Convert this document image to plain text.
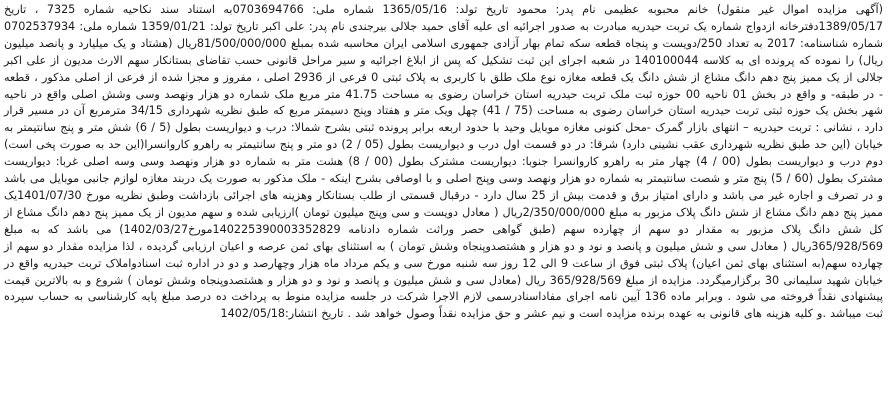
(آگهی مزایده اموال غیر منقول) خانم محبوبه عظیمی نام پدر: محمود تاریخ تولد: 1365/05/16 شماره ملی: 0703694766به استناد سند نکاحیه شماره 7325 ، تاریخ 1389/05/17دفترخانه ازدواج شماره یک تربت حیدریه مبادرت به صدور اجرائیه ای علیه آقای حمید جلالی بیرجندی نام پدر: علی اکبر تاریخ تولد: 1359/01/21 شماره ملی: 0702537934 شماره شناسنامه: 2017 به تعداد 250/دویست و پنجاه قطعه سکه تمام بهار آزادی جمهوری اسلامی ایران محاسبه شده بمبلغ 81/500/000/000ریال (هشتاد و یک میلیارد و پانصد میلیون ریال) را نموده که پرونده ای به کلاسه 140100044 در شعبه اجرای این ثبت تشکیل که پس از ابلاغ اجرائیه و سیر مراحل قانونی حسب تقاضای بستانکار سهم الارث مدیون از علی اکبر جلالی از یک ممیز پنج دهم دانگ مشاع از شش دانگ یک قطعه مغازه نوع ملک طلق با کاربری به پلاک ثبتی 0 فرعی از 2936 اصلی ، مفروز و مجزا شده از فرعی از اصلی مذکور ، قطعه - در طبقه- و واقع در بخش 01 ناحیه 00 حوزه ثبت ملک تربت حیدریه استان خراسان رضوی به مساحت 41.75 متر مربع ملک شماره دو هزار ونهصد وسی وشش اصلی واقع در ناحیه شهر بخش یک حوزه ثبتی تربت حیدریه استان خراسان رضوی به مساحت (75 / 41) چهل ویک متر و هفتاد وپنج دسیمتر مربع که طبق نظریه شهرداری 34/15 مترمربع آن در مسیر قرار دارد ، نشانی : تربت حیدریه – انتهای بازار گمرک -محل کنونی مغازه موبایل وحید با حدود اربعه برابر پرونده ثبتی بشرح شمالا: درب و دیواریست بطول (5 / 6) شش متر و پنج سانتیمتر به خیابان (این حد طبق نظریه شهرداری عقب نشینی دارد) شرقا: در دو قسمت اول درب و دیواریست بطول (05 / 2) دو متر و پنج سانتیمتر به راهرو کاروانسرا(این حد به صورت پخی است) دوم درب و دیواریست بطول (00 / 4) چهار متر به راهرو کاروانسرا جنوبا: دیواریست مشترک بطول (00 / 8) هشت متر به شماره دو هزار ونهصد وسی وسه اصلی غربا: دیواریست مشترک بطول (60 / 5) پنج متر و شصت سانتیمتر به شماره دو هزار ونهصد وسی وپنج اصلی و با اوصافی بشرح اینکه - ملک مذکور به صورت یک دربند مغازه لوازم جانبی موبایل می باشد و در تصرف و اجاره غیر می باشد و دارای امتیاز برق و قدمت بیش از 25 سال دارد - درقبال قسمتی از طلب بستانکار وهزینه های اجرائی بازداشت وطبق نظریه مورخ 1401/07/30یک ممیز پنج دهم دانگ مشاع از شش دانگ پلاک مزبور به مبلغ 2/350/000/000ریال ( معادل دویست و سی وپنج میلیون تومان )ارزیابی شده و سهم مدیون از یک ممیز پنج دهم دانگ مشاع از کل شش دانگ پلاک مزبور به مقدار دو سهم از چهارده سهم (طبق گواهی حصر وراثت شماره دادنامه 140225390003352829مورخ1402/03/27) می باشد که به مبلغ 365/928/569ریال ( معادل سی و شش میلیون و پانصد و نود و دو هزار و هشتصدوپنجاه وشش تومان ) به استثنای بهای ثمن عرصه و اعیان ارزیابی گردیده ، لذا مزایده مقدار دو سهم از چهارده سهم(به استثنای بهای ثمن اعیان) پلاک ثبتی فوق از ساعت 9 الی 12 روز سه شنبه مورخ سی و یکم مرداد ماه هزار وچهارصد و دو در اداره ثبت اسنادواملاک تربت حیدریه واقع در خیابان شهید سلیمانی 30 برگزارمیگردد. مزایده از مبلغ 365/928/569 ریال (معادل سی و شش میلیون و پانصد و نود و دو هزار و هشتصدوپنجاه وشش تومان ) شروع و به بالاترین قیمت پیشنهادی نقداً فروخته می شود . وبرابر ماده 136 آیین نامه اجرای مفاداسنادرسمی لازم الاجرا شرکت در جلسه مزایده منوط به پرداخت ده درصد مبلغ پایه کارشناسی به حساب سپرده ثبت میباشد .و کلیه هزینه های قانونی به عهده برنده مزایده است و نیم عشر و حق مزایده نقداً وصول خواهد شد . تاریخ انتشار:1402/05/18
